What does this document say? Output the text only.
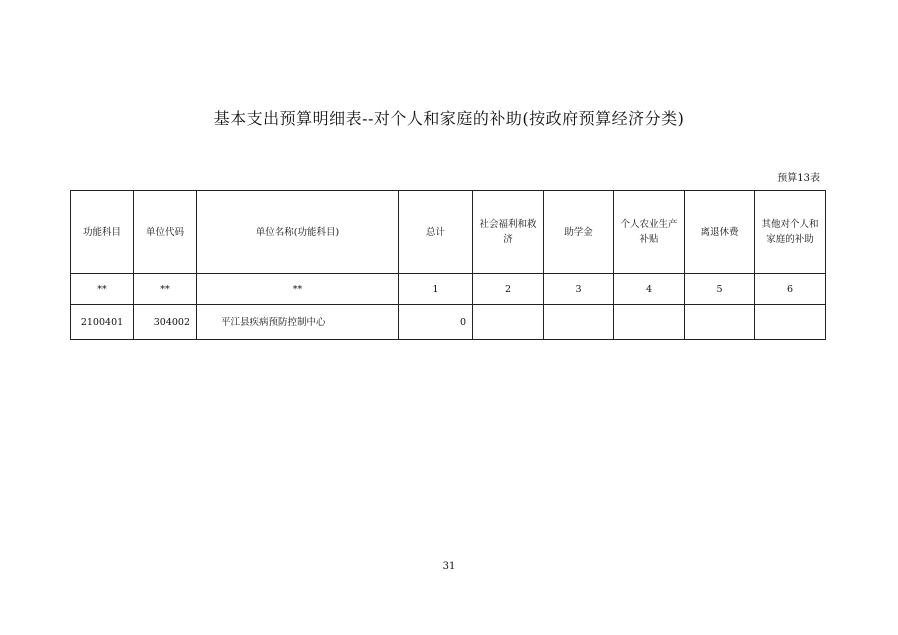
基本支出预算明细表--对个人和家庭的补助(按政府预算经济分类)
预算13表
功能科目	单位代码	单位名称(功能科目)	总计	社会福利和救济	助学金	个人农业生产补贴	离退休费	其他对个人和家庭的补助
**	**	**	1	2	3	4	5	6
2100401	304002	平江县疾病预防控制中心	0					
31
